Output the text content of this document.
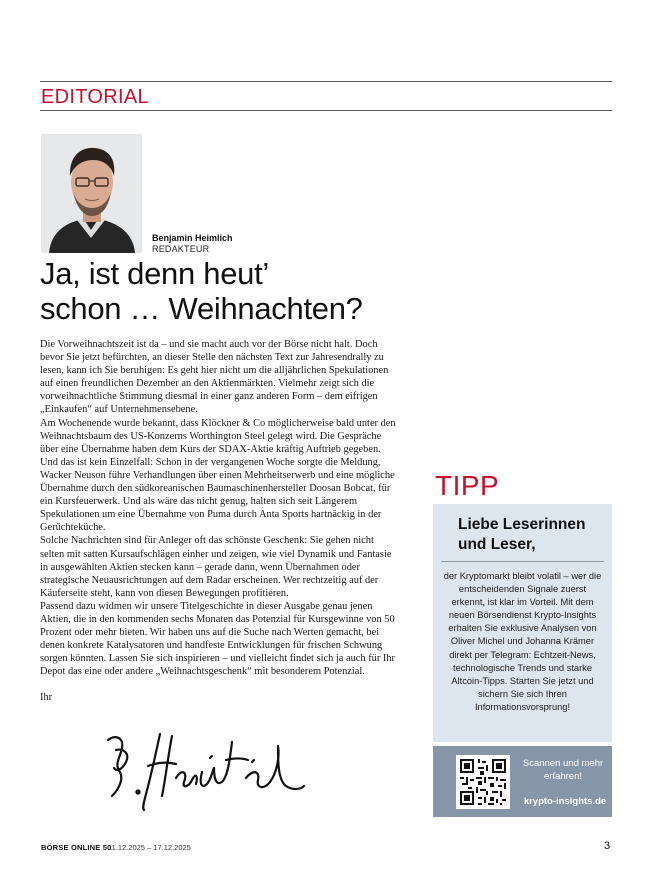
EDITORIAL
Benjamin Heimlich
REDAKTEUR
Ja, ist denn heut’
schon … Weihnachten?

Die Vorweihnachtszeit ist da – und sie macht auch vor der Börse nicht halt. Doch bevor Sie jetzt befürchten, an dieser Stelle den nächsten Text zur Jahresendrally zu lesen, kann ich Sie beruhigen: Es geht hier nicht um die alljährlichen Spekulationen auf einen freundlichen Dezember an den Aktienmärkten. Vielmehr zeigt sich die vorweihnachtliche Stimmung diesmal in einer ganz anderen Form – dem eifrigen „Einkaufen“ auf Unternehmensebene.

Am Wochenende wurde bekannt, dass Klöckner & Co möglicherweise bald unter den Weihnachtsbaum des US-Konzerns Worthington Steel gelegt wird. Die Gespräche über eine Übernahme haben dem Kurs der SDAX-Aktie kräftig Auftrieb gegeben. Und das ist kein Einzelfall: Schon in der vergangenen Woche sorgte die Meldung, Wacker Neuson führe Verhandlungen über einen Mehrheitserwerb und eine mögliche Übernahme durch den südkoreanischen Baumaschinenhersteller Doosan Bobcat, für ein Kursfeuerwerk. Und als wäre das nicht genug, halten sich seit Längerem Spekulationen um eine Übernahme von Puma durch Anta Sports hartnäckig in der Gerüchteküche.

Solche Nachrichten sind für Anleger oft das schönste Geschenk: Sie gehen nicht selten mit satten Kursaufschlägen einher und zeigen, wie viel Dynamik und Fantasie in ausgewählten Aktien stecken kann – gerade dann, wenn Übernahmen oder strategische Neuausrichtungen auf dem Radar erscheinen. Wer rechtzeitig auf der Käuferseite steht, kann von diesen Bewegungen profitieren.

Passend dazu widmen wir unsere Titelgeschichte in dieser Ausgabe genau jenen Aktien, die in den kommenden sechs Monaten das Potenzial für Kursgewinne von 50 Prozent oder mehr bieten. Wir haben uns auf die Suche nach Werten gemacht, bei denen konkrete Katalysatoren und handfeste Entwicklungen für frischen Schwung sorgen könnten. Lassen Sie sich inspirieren – und vielleicht findet sich ja auch für Ihr Depot das eine oder andere „Weihnachtsgeschenk“ mit besonderem Potenzial.

Ihr

TIPP
Liebe Leserinnen und Leser,
der Kryptomarkt bleibt volatil – wer die entscheidenden Signale zuerst erkennt, ist klar im Vorteil. Mit dem neuen Börsendienst Krypto-Insights erhalten Sie exklusive Analysen von Oliver Michel und Johanna Krämer direkt per Telegram: Echtzeit-News, technologische Trends und starke Altcoin-Tipps. Starten Sie jetzt und sichern Sie sich Ihren Informationsvorsprung!
Scannen und mehr erfahren!
krypto-insights.de
BÖRSE ONLINE 50
11.12.2025 – 17.12.2025	3
